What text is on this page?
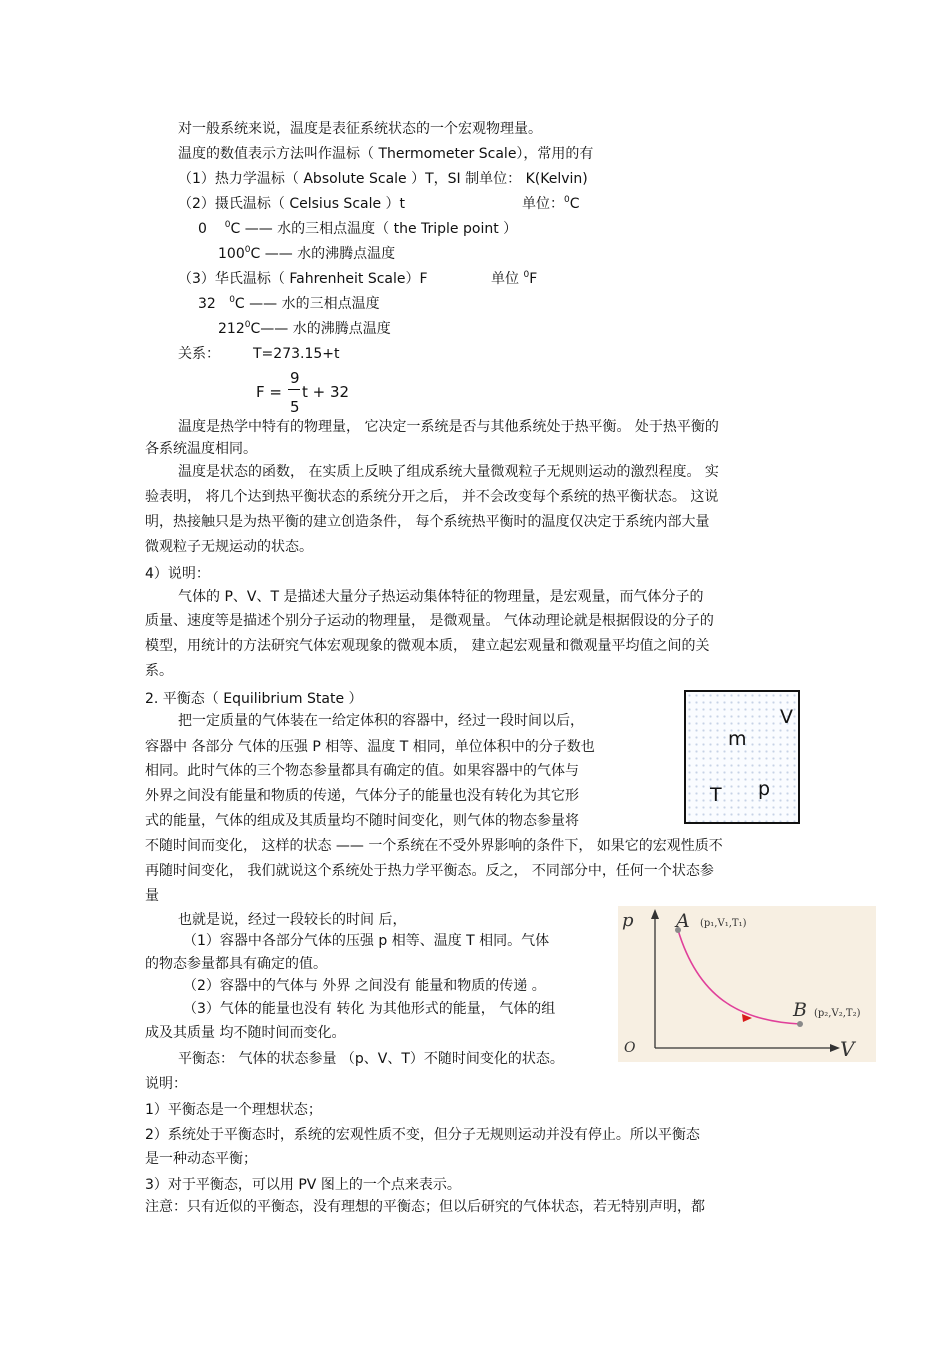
对一般系统来说，温度是表征系统状态的一个宏观物理量。
温度的数值表示方法叫作温标（ Thermometer Scale），常用的有
（1）热力学温标（ Absolute Scale ）T，SI 制单位： K(Kelvin)
（2）摄氏温标（ Celsius Scale ）t	单位：$^0$C
0 $^0$C —— 水的三相点温度（ the Triple point ）
$100^0C$ —— 水的沸腾点温度
（3）华氏温标（ Fahrenheit Scale）F	单位 $^0$F
32 $^0$C —— 水的三相点温度
$212^0C——$ 水的沸腾点温度
关系： T=273.15+t
F =
9
5
t + 32
温度是热学中特有的物理量， 它决定一系统是否与其他系统处于热平衡。 处于热平衡的
各系统温度相同。
温度是状态的函数， 在实质上反映了组成系统大量微观粒子无规则运动的激烈程度。 实
验表明， 将几个达到热平衡状态的系统分开之后， 并不会改变每个系统的热平衡状态。 这说
明，热接触只是为热平衡的建立创造条件， 每个系统热平衡时的温度仅决定于系统内部大量
微观粒子无规运动的状态。
4）说明：
气体的 P、V、T 是描述大量分子热运动集体特征的物理量，是宏观量，而气体分子的
质量、速度等是描述个别分子运动的物理量， 是微观量。 气体动理论就是根据假设的分子的
模型，用统计的方法研究气体宏观现象的微观本质， 建立起宏观量和微观量平均值之间的关
系。
2. 平衡态（ Equilibrium State ）
把一定质量的气体装在一给定体积的容器中，经过一段时间以后，
容器中 各部分 气体的压强 P 相等、温度 T 相同，单位体积中的分子数也
相同。此时气体的三个物态参量都具有确定的值。如果容器中的气体与
外界之间没有能量和物质的传递，气体分子的能量也没有转化为其它形
式的能量，气体的组成及其质量均不随时间变化，则气体的物态参量将
不随时间而变化， 这样的状态 —— 一个系统在不受外界影响的条件下， 如果它的宏观性质不
再随时间变化， 我们就说这个系统处于热力学平衡态。反之， 不同部分中，任何一个状态参
量
V
m
T p
也就是说，经过一段较长的时间 后，
（1）容器中各部分气体的压强 p 相等、温度 T 相同。气体
的物态参量都具有确定的值。
（2）容器中的气体与 外界 之间没有 能量和物质的传递 。
（3）气体的能量也没有 转化 为其他形式的能量， 气体的组
成及其质量 均不随时间而变化。
平衡态： 气体的状态参量 （p、V、T）不随时间变化的状态。
p
V
O
A (p₁,V₁,T₁)
B (p₂,V₂,T₂)
说明：
1）平衡态是一个理想状态；
2）系统处于平衡态时，系统的宏观性质不变，但分子无规则运动并没有停止。所以平衡态
是一种动态平衡；
3）对于平衡态，可以用 PV 图上的一个点来表示。
注意：只有近似的平衡态，没有理想的平衡态；但以后研究的气体状态，若无特别声明，都
